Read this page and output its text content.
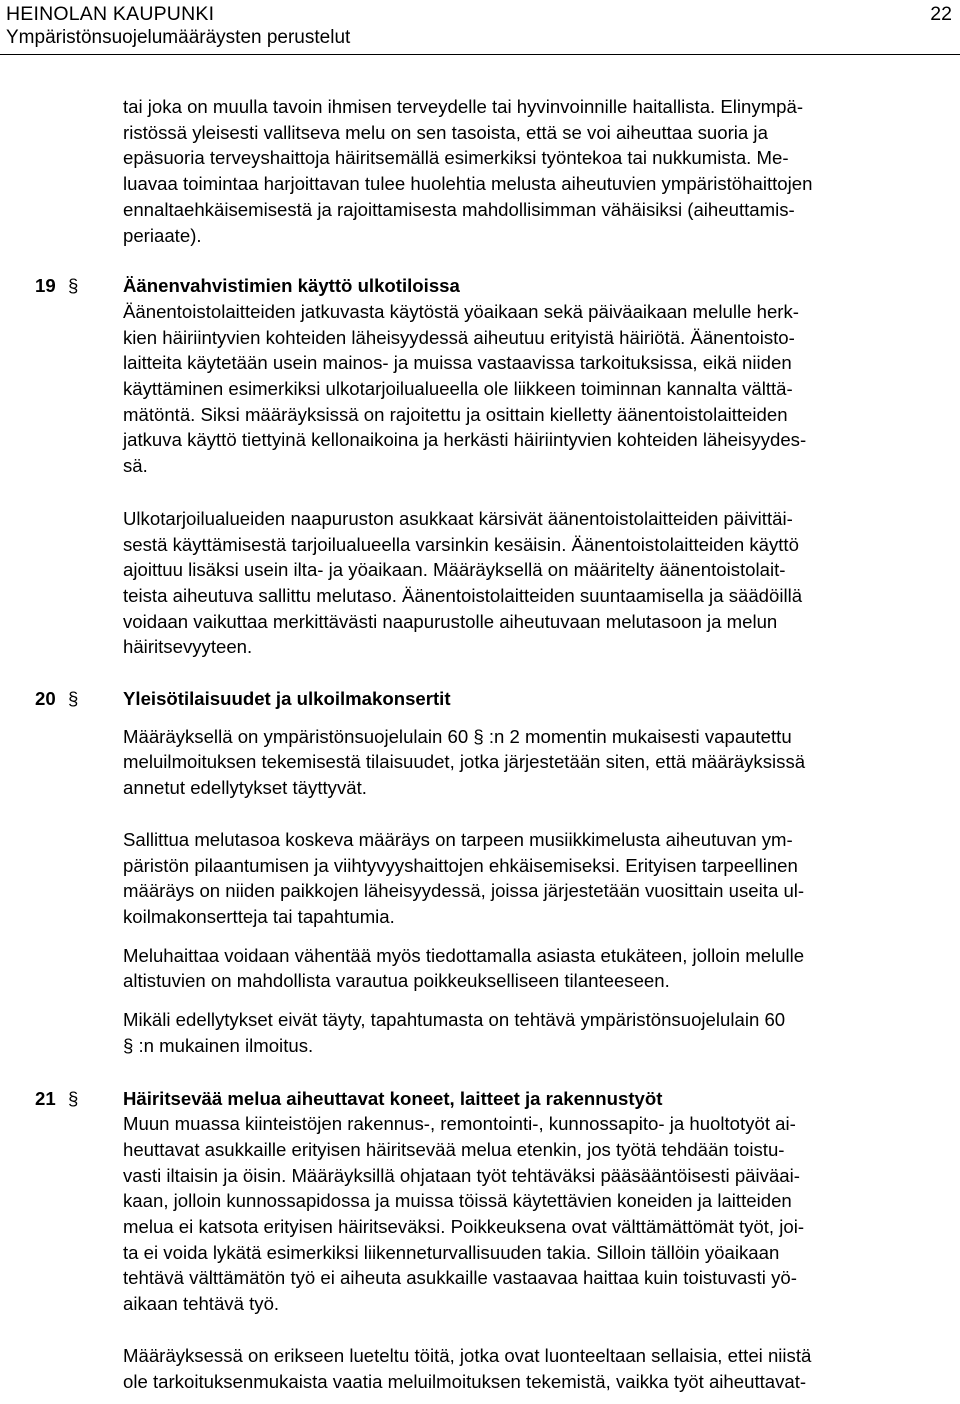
HEINOLAN KAUPUNKI
Ympäristönsuojelumääräysten perustelut
22

tai joka on muulla tavoin ihmisen terveydelle tai hyvinvoinnille haitallista. Elinympä-
ristössä yleisesti vallitseva melu on sen tasoista, että se voi aiheuttaa suoria ja
epäsuoria terveyshaittoja häiritsemällä esimerkiksi työntekoa tai nukkumista. Me-
luavaa toimintaa harjoittavan tulee huolehtia melusta aiheutuvien ympäristöhaittojen
ennaltaehkäisemisestä ja rajoittamisesta mahdollisimman vähäisiksi (aiheuttamis-
periaate).

19 § Äänenvahvistimien käyttö ulkotiloissa

Äänentoistolaitteiden jatkuvasta käytöstä yöaikaan sekä päiväaikaan melulle herk-
kien häiriintyvien kohteiden läheisyydessä aiheutuu erityistä häiriötä. Äänentoisto-
laitteita käytetään usein mainos- ja muissa vastaavissa tarkoituksissa, eikä niiden
käyttäminen esimerkiksi ulkotarjoilualueella ole liikkeen toiminnan kannalta välttä-
mätöntä. Siksi määräyksissä on rajoitettu ja osittain kielletty äänentoistolaitteiden
jatkuva käyttö tiettyinä kellonaikoina ja herkästi häiriintyvien kohteiden läheisyydes-
sä.

Ulkotarjoilualueiden naapuruston asukkaat kärsivät äänentoistolaitteiden päivittäi-
sestä käyttämisestä tarjoilualueella varsinkin kesäisin. Äänentoistolaitteiden käyttö
ajoittuu lisäksi usein ilta- ja yöaikaan. Määräyksellä on määritelty äänentoistolait-
teista aiheutuva sallittu melutaso. Äänentoistolaitteiden suuntaamisella ja säädöillä
voidaan vaikuttaa merkittävästi naapurustolle aiheutuvaan melutasoon ja melun
häiritsevyyteen.

20 § Yleisötilaisuudet ja ulkoilmakonsertit

Määräyksellä on ympäristönsuojelulain 60 § :n 2 momentin mukaisesti vapautettu
meluilmoituksen tekemisestä tilaisuudet, jotka järjestetään siten, että määräyksissä
annetut edellytykset täyttyvät.

Sallittua melutasoa koskeva määräys on tarpeen musiikkimelusta aiheutuvan ym-
päristön pilaantumisen ja viihtyvyyshaittojen ehkäisemiseksi. Erityisen tarpeellinen
määräys on niiden paikkojen läheisyydessä, joissa järjestetään vuosittain useita ul-
koilmakonsertteja tai tapahtumia.

Meluhaittaa voidaan vähentää myös tiedottamalla asiasta etukäteen, jolloin melulle
altistuvien on mahdollista varautua poikkeukselliseen tilanteeseen.

Mikäli edellytykset eivät täyty, tapahtumasta on tehtävä ympäristönsuojelulain 60
§ :n mukainen ilmoitus.

21 § Häiritsevää melua aiheuttavat koneet, laitteet ja rakennustyöt

Muun muassa kiinteistöjen rakennus-, remontointi-, kunnossapito- ja huoltotyöt ai-
heuttavat asukkaille erityisen häiritsevää melua etenkin, jos työtä tehdään toistu-
vasti iltaisin ja öisin. Määräyksillä ohjataan työt tehtäväksi pääsääntöisesti päiväai-
kaan, jolloin kunnossapidossa ja muissa töissä käytettävien koneiden ja laitteiden
melua ei katsota erityisen häiritseväksi. Poikkeuksena ovat välttämättömät työt, joi-
ta ei voida lykätä esimerkiksi liikenneturvallisuuden takia. Silloin tällöin yöaikaan
tehtävä välttämätön työ ei aiheuta asukkaille vastaavaa haittaa kuin toistuvasti yö-
aikaan tehtävä työ.

Määräyksessä on erikseen lueteltu töitä, jotka ovat luonteeltaan sellaisia, ettei niistä
ole tarkoituksenmukaista vaatia meluilmoituksen tekemistä, vaikka työt aiheuttavat-
